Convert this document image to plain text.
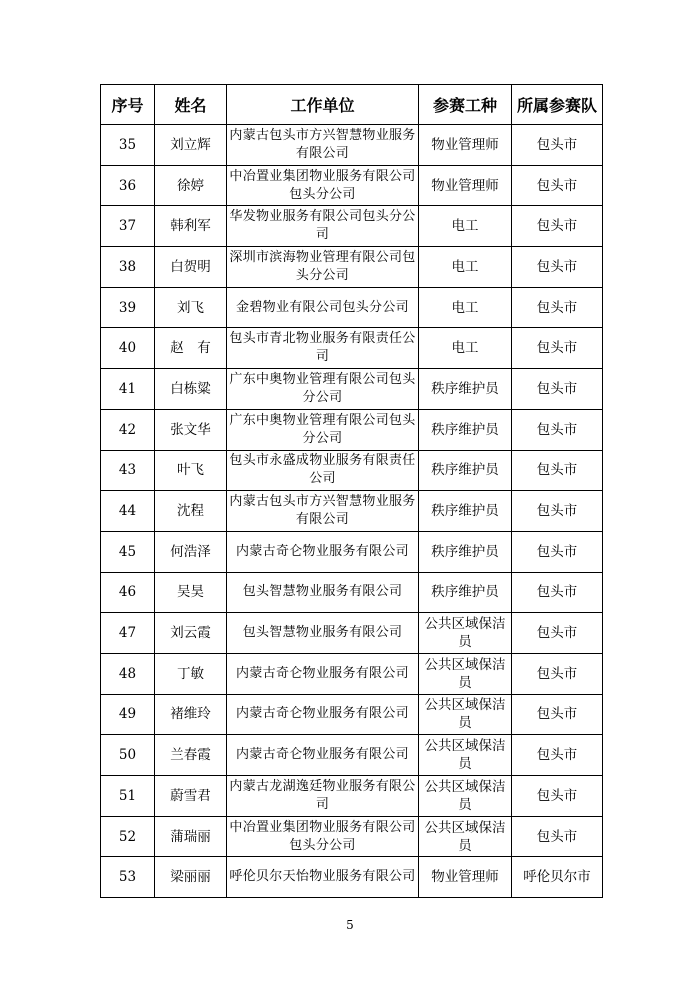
序号	姓名	工作单位	参赛工种	所属参赛队
35	刘立辉	内蒙古包头市方兴智慧物业服务有限公司	物业管理师	包头市
36	徐婷	中冶置业集团物业服务有限公司包头分公司	物业管理师	包头市
37	韩利军	华发物业服务有限公司包头分公司	电工	包头市
38	白贺明	深圳市滨海物业管理有限公司包头分公司	电工	包头市
39	刘飞	金碧物业有限公司包头分公司	电工	包头市
40	赵　有	包头市青北物业服务有限责任公司	电工	包头市
41	白栋粱	广东中奥物业管理有限公司包头分公司	秩序维护员	包头市
42	张文华	广东中奥物业管理有限公司包头分公司	秩序维护员	包头市
43	叶飞	包头市永盛成物业服务有限责任公司	秩序维护员	包头市
44	沈程	内蒙古包头市方兴智慧物业服务有限公司	秩序维护员	包头市
45	何浩泽	内蒙古奇仑物业服务有限公司	秩序维护员	包头市
46	吴昊	包头智慧物业服务有限公司	秩序维护员	包头市
47	刘云霞	包头智慧物业服务有限公司	公共区域保洁员	包头市
48	丁敏	内蒙古奇仑物业服务有限公司	公共区域保洁员	包头市
49	褚维玲	内蒙古奇仑物业服务有限公司	公共区域保洁员	包头市
50	兰春霞	内蒙古奇仑物业服务有限公司	公共区域保洁员	包头市
51	蔚雪君	内蒙古龙湖逸廷物业服务有限公司	公共区域保洁员	包头市
52	蒲瑞丽	中冶置业集团物业服务有限公司包头分公司	公共区域保洁员	包头市
53	梁丽丽	呼伦贝尔天怡物业服务有限公司	物业管理师	呼伦贝尔市
5
